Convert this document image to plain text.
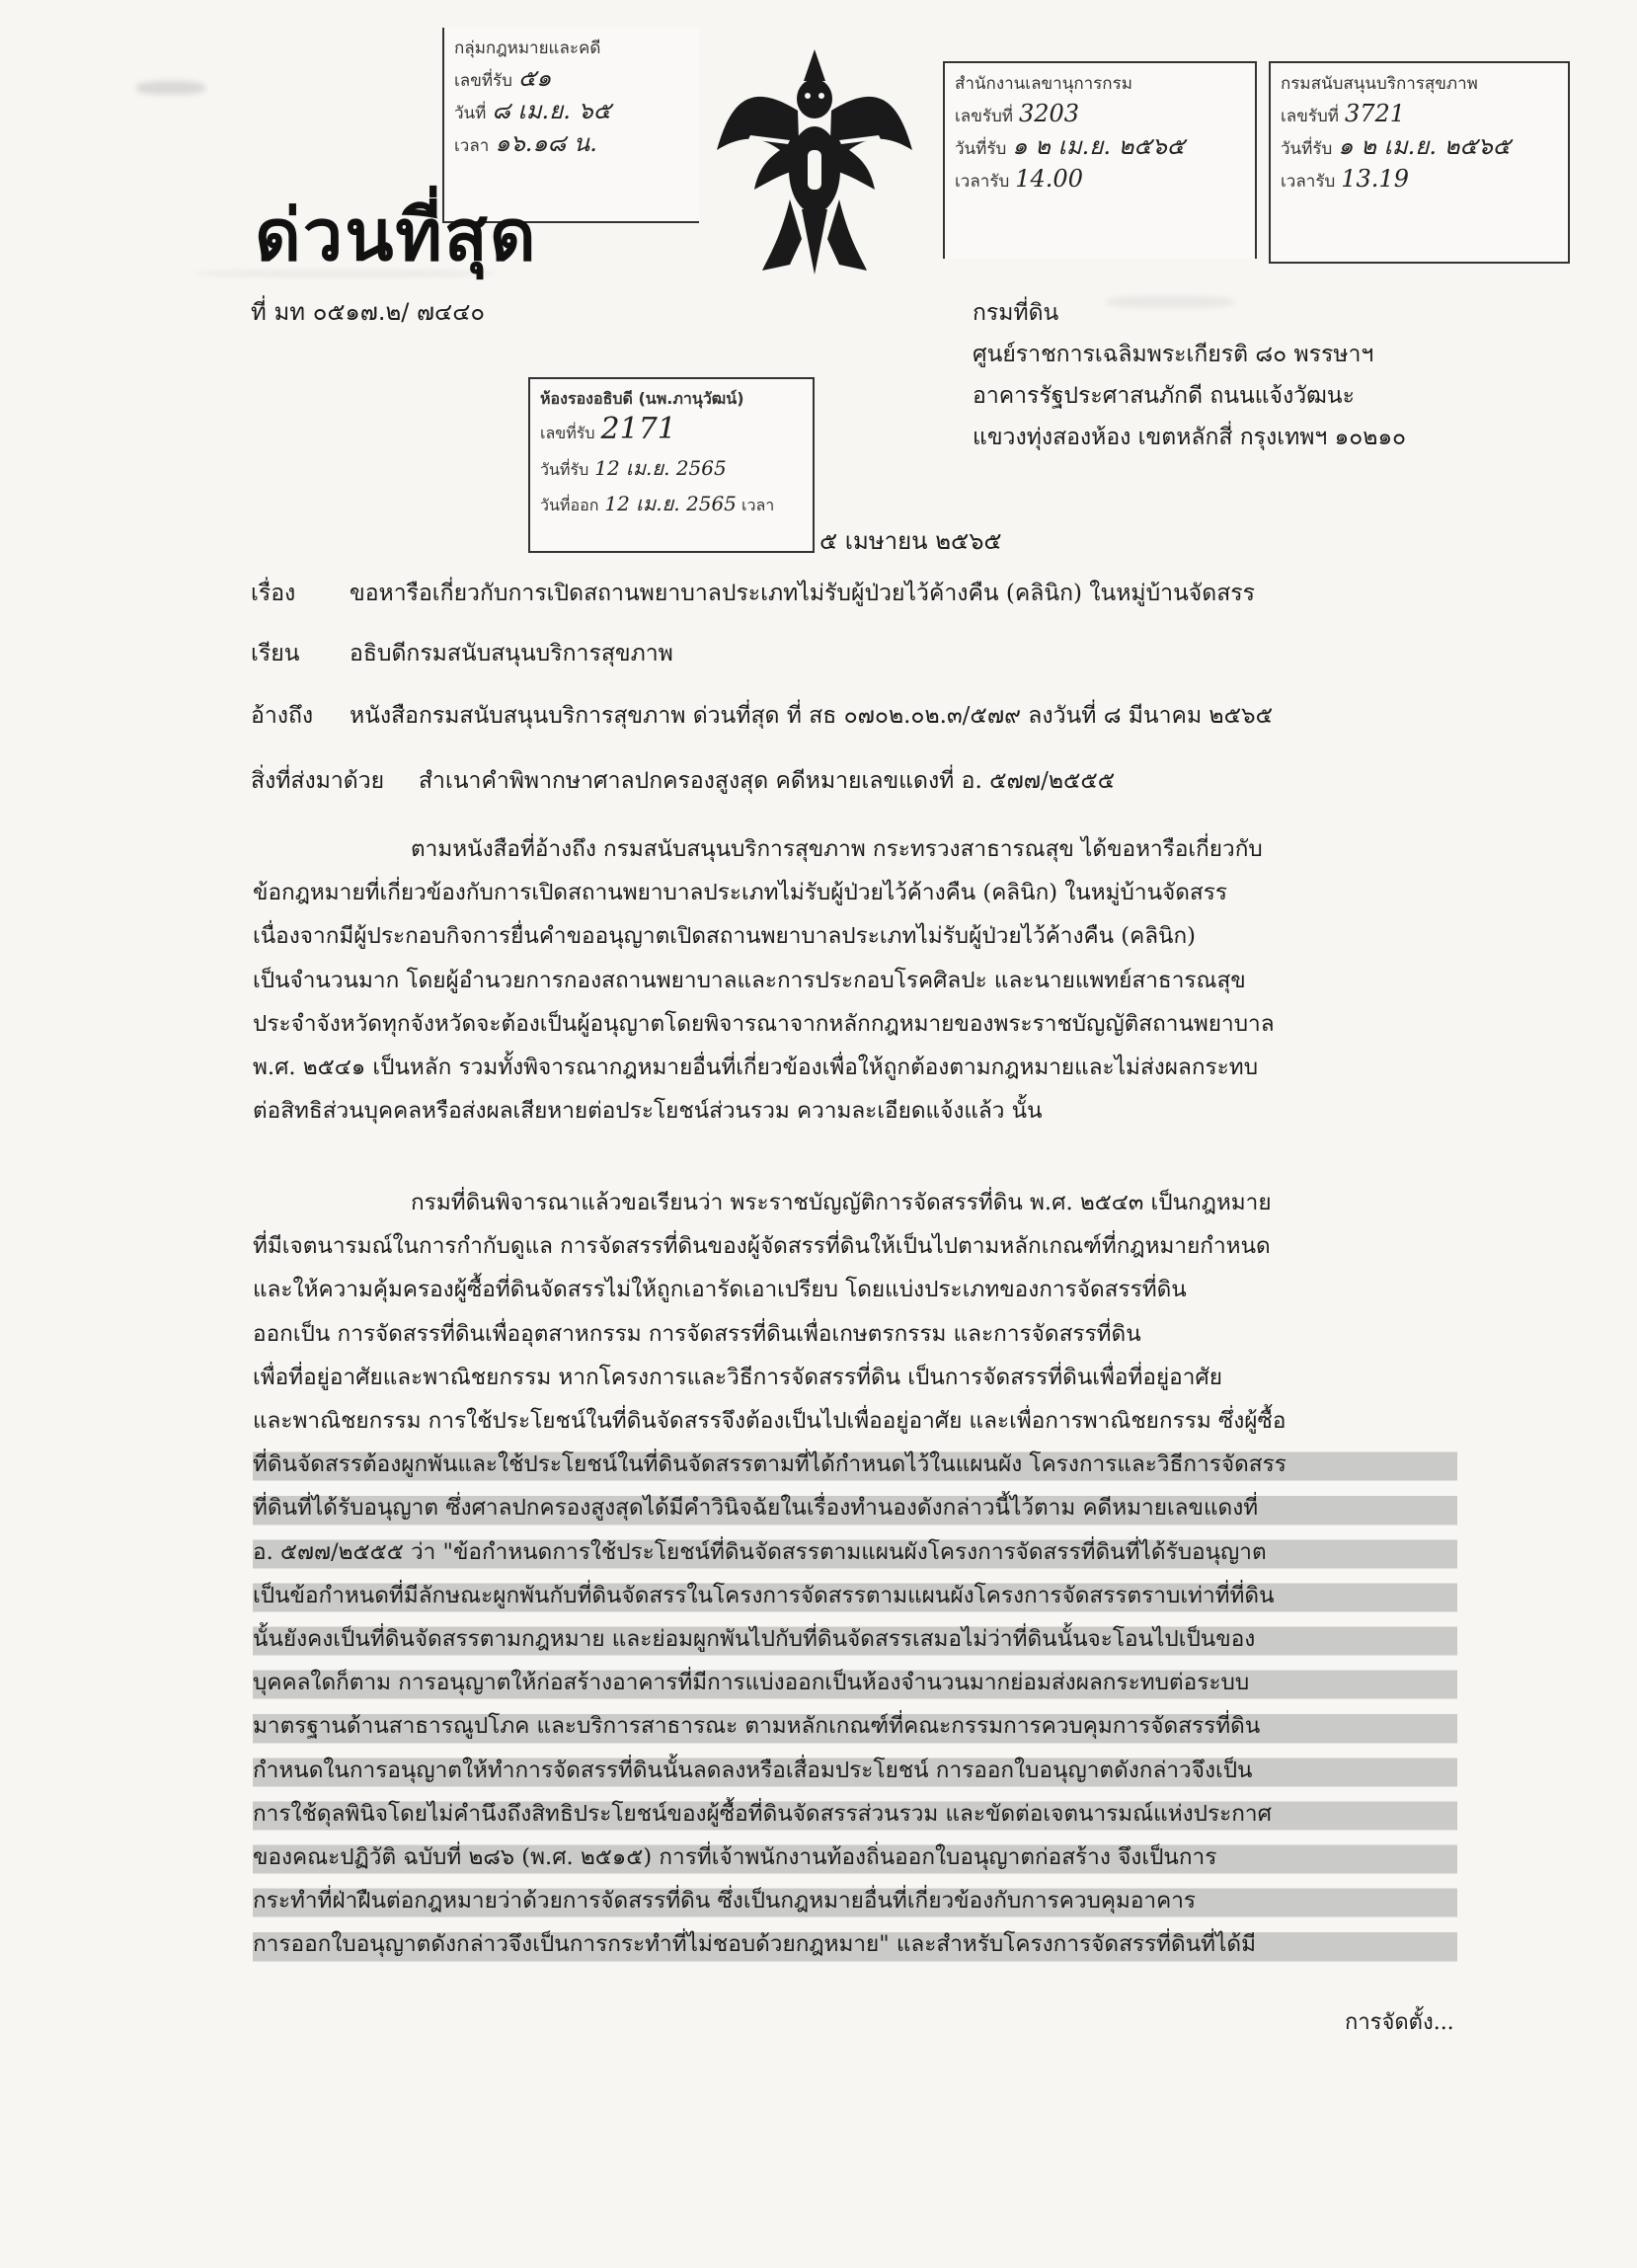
กลุ่มกฎหมายและคดี
เลขที่รับ ๕๑
วันที่ ๘ เม.ย. ๖๕
เวลา ๑๖.๑๘ น.
สำนักงานเลขานุการกรม
เลขรับที่ 3203
วันที่รับ ๑ ๒ เม.ย. ๒๕๖๕
เวลารับ 14.00
กรมสนับสนุนบริการสุขภาพ
เลขรับที่ 3721
วันที่รับ ๑ ๒ เม.ย. ๒๕๖๕
เวลารับ 13.19
ด่วนที่สุด
ที่ มท ๐๕๑๗.๒/ ๗๔๔๐	กรมที่ดิน
ศูนย์ราชการเฉลิมพระเกียรติ ๘๐ พรรษาฯ
อาคารรัฐประศาสนภักดี ถนนแจ้งวัฒนะ
แขวงทุ่งสองห้อง เขตหลักสี่ กรุงเทพฯ ๑๐๒๑๐
ห้องรองอธิบดี (นพ.ภานุวัฒน์)
เลขที่รับ 2171
วันที่รับ 12 เม.ย. 2565
วันที่ออก 12 เม.ย. 2565 เวลา
๕ เมษายน ๒๕๖๕
เรื่อง ขอหารือเกี่ยวกับการเปิดสถานพยาบาลประเภทไม่รับผู้ป่วยไว้ค้างคืน (คลินิก) ในหมู่บ้านจัดสรร
เรียน อธิบดีกรมสนับสนุนบริการสุขภาพ
อ้างถึง หนังสือกรมสนับสนุนบริการสุขภาพ ด่วนที่สุด ที่ สธ ๐๗๐๒.๐๒.๓/๕๗๙ ลงวันที่ ๘ มีนาคม ๒๕๖๕
สิ่งที่ส่งมาด้วย สำเนาคำพิพากษาศาลปกครองสูงสุด คดีหมายเลขแดงที่ อ. ๕๗๗/๒๕๕๕
ตามหนังสือที่อ้างถึง กรมสนับสนุนบริการสุขภาพ กระทรวงสาธารณสุข ได้ขอหารือเกี่ยวกับ
ข้อกฎหมายที่เกี่ยวข้องกับการเปิดสถานพยาบาลประเภทไม่รับผู้ป่วยไว้ค้างคืน (คลินิก) ในหมู่บ้านจัดสรร
เนื่องจากมีผู้ประกอบกิจการยื่นคำขออนุญาตเปิดสถานพยาบาลประเภทไม่รับผู้ป่วยไว้ค้างคืน (คลินิก)
เป็นจำนวนมาก โดยผู้อำนวยการกองสถานพยาบาลและการประกอบโรคศิลปะ และนายแพทย์สาธารณสุข
ประจำจังหวัดทุกจังหวัดจะต้องเป็นผู้อนุญาตโดยพิจารณาจากหลักกฎหมายของพระราชบัญญัติสถานพยาบาล
พ.ศ. ๒๕๔๑ เป็นหลัก รวมทั้งพิจารณากฎหมายอื่นที่เกี่ยวข้องเพื่อให้ถูกต้องตามกฎหมายและไม่ส่งผลกระทบ
ต่อสิทธิส่วนบุคคลหรือส่งผลเสียหายต่อประโยชน์ส่วนรวม ความละเอียดแจ้งแล้ว นั้น
กรมที่ดินพิจารณาแล้วขอเรียนว่า พระราชบัญญัติการจัดสรรที่ดิน พ.ศ. ๒๕๔๓ เป็นกฎหมาย
ที่มีเจตนารมณ์ในการกำกับดูแล การจัดสรรที่ดินของผู้จัดสรรที่ดินให้เป็นไปตามหลักเกณฑ์ที่กฎหมายกำหนด
และให้ความคุ้มครองผู้ซื้อที่ดินจัดสรรไม่ให้ถูกเอารัดเอาเปรียบ โดยแบ่งประเภทของการจัดสรรที่ดิน
ออกเป็น การจัดสรรที่ดินเพื่ออุตสาหกรรม การจัดสรรที่ดินเพื่อเกษตรกรรม และการจัดสรรที่ดิน
เพื่อที่อยู่อาศัยและพาณิชยกรรม หากโครงการและวิธีการจัดสรรที่ดิน เป็นการจัดสรรที่ดินเพื่อที่อยู่อาศัย
และพาณิชยกรรม การใช้ประโยชน์ในที่ดินจัดสรรจึงต้องเป็นไปเพื่ออยู่อาศัย และเพื่อการพาณิชยกรรม ซึ่งผู้ซื้อ
ที่ดินจัดสรรต้องผูกพันและใช้ประโยชน์ในที่ดินจัดสรรตามที่ได้กำหนดไว้ในแผนผัง โครงการและวิธีการจัดสรร
ที่ดินที่ได้รับอนุญาต ซึ่งศาลปกครองสูงสุดได้มีคำวินิจฉัยในเรื่องทำนองดังกล่าวนี้ไว้ตาม คดีหมายเลขแดงที่
อ. ๕๗๗/๒๕๕๕ ว่า "ข้อกำหนดการใช้ประโยชน์ที่ดินจัดสรรตามแผนผังโครงการจัดสรรที่ดินที่ได้รับอนุญาต
เป็นข้อกำหนดที่มีลักษณะผูกพันกับที่ดินจัดสรรในโครงการจัดสรรตามแผนผังโครงการจัดสรรตราบเท่าที่ที่ดิน
นั้นยังคงเป็นที่ดินจัดสรรตามกฎหมาย และย่อมผูกพันไปกับที่ดินจัดสรรเสมอไม่ว่าที่ดินนั้นจะโอนไปเป็นของ
บุคคลใดก็ตาม การอนุญาตให้ก่อสร้างอาคารที่มีการแบ่งออกเป็นห้องจำนวนมากย่อมส่งผลกระทบต่อระบบ
มาตรฐานด้านสาธารณูปโภค และบริการสาธารณะ ตามหลักเกณฑ์ที่คณะกรรมการควบคุมการจัดสรรที่ดิน
กำหนดในการอนุญาตให้ทำการจัดสรรที่ดินนั้นลดลงหรือเสื่อมประโยชน์ การออกใบอนุญาตดังกล่าวจึงเป็น
การใช้ดุลพินิจโดยไม่คำนึงถึงสิทธิประโยชน์ของผู้ซื้อที่ดินจัดสรรส่วนรวม และขัดต่อเจตนารมณ์แห่งประกาศ
ของคณะปฏิวัติ ฉบับที่ ๒๘๖ (พ.ศ. ๒๕๑๕) การที่เจ้าพนักงานท้องถิ่นออกใบอนุญาตก่อสร้าง จึงเป็นการ
กระทำที่ฝ่าฝืนต่อกฎหมายว่าด้วยการจัดสรรที่ดิน ซึ่งเป็นกฎหมายอื่นที่เกี่ยวข้องกับการควบคุมอาคาร
การออกใบอนุญาตดังกล่าวจึงเป็นการกระทำที่ไม่ชอบด้วยกฎหมาย" และสำหรับโครงการจัดสรรที่ดินที่ได้มี
การจัดตั้ง...
